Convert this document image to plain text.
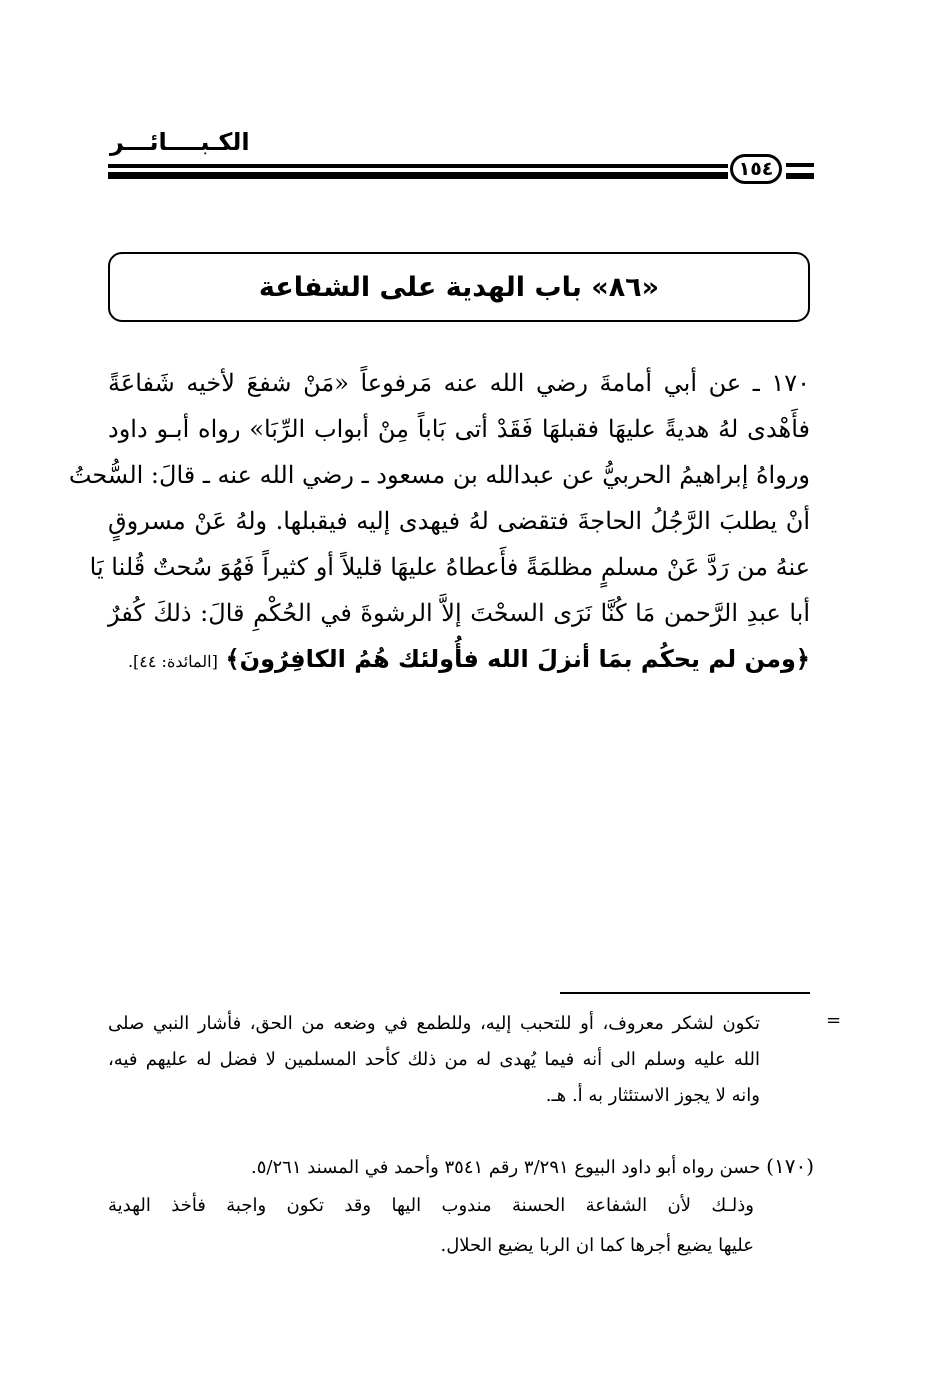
الكـبــــائـــر
١٥٤
«٨٦» باب الهدية على الشفاعة
١٧٠ ـ عن أبي أمامةَ رضي الله عنه مَرفوعاً «مَنْ شفعَ لأخيه شَفاعَةً
فأَهْدى لهُ هديةً عليهَا فقبلهَا فَقَدْ أتى بَاباً مِنْ أبواب الرِّبَا» رواه أبـو داود
ورواهُ إبراهيمُ الحربيُّ عن عبدالله بن مسعود ـ رضي الله عنه ـ قالَ: السُّحتُ
أنْ يطلبَ الرَّجُلُ الحاجةَ فتقضى لهُ فيهدى إليه فيقبلها. ولهُ عَنْ مسروقٍ
عنهُ من رَدَّ عَنْ مسلمٍ مظلمَةً فأَعطاهُ عليهَا قليلاً أو كثيراً فَهُوَ سُحتٌ قُلنا يَا
أبا عبدِ الرَّحمن مَا كُنَّا نَرَى السحْتَ إلاَّ الرشوةَ في الحُكْمِ قالَ: ذلكَ كُفرٌ
﴿ومن لم يحكُم بمَا أنزلَ الله فأُولئك هُمُ الكافِرُونَ﴾ [المائدة: ٤٤].
=
تكون لشكر معروف، أو للتحبب إليه، وللطمع في وضعه من الحق، فأشار النبي صلى
الله عليه وسلم الى أنه فيما يُهدى له من ذلك كأحد المسلمين لا فضل له عليهم فيه،
وانه لا يجوز الاستئثار به أ. هـ.
(١٧٠) حسن رواه أبو داود البيوع ٣/٢٩١ رقم ٣٥٤١ وأحمد في المسند ٥/٢٦١.
وذلـك لأن الشفاعة الحسنة مندوب اليها وقد تكون واجبة فأخذ الهدية
عليها يضيع أجرها كما ان الربا يضيع الحلال.
